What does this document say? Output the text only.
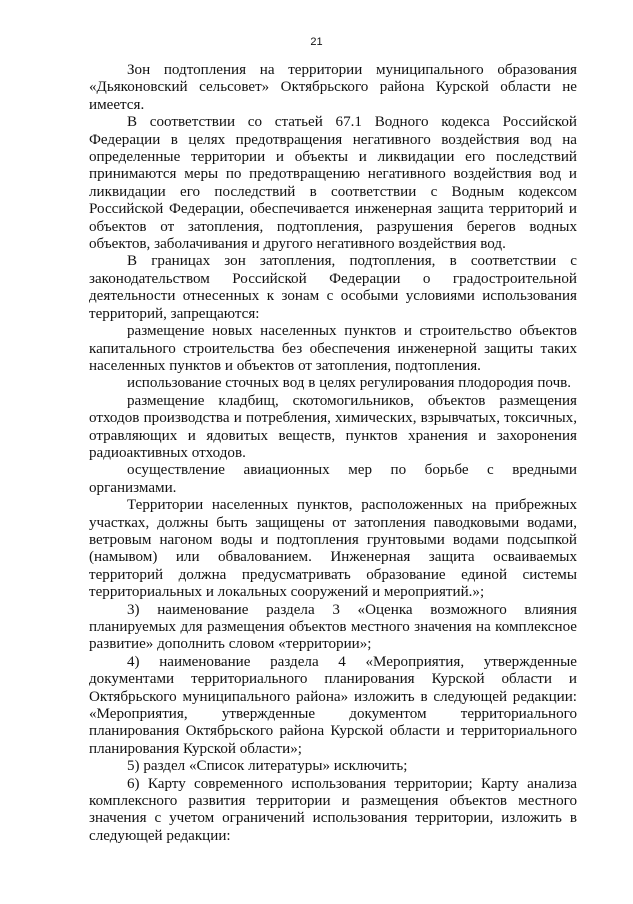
21

Зон подтопления на территории муниципального образования «Дьяконовский сельсовет» Октябрьского района Курской области не имеется.

В соответствии со статьей 67.1 Водного кодекса Российской Федерации в целях предотвращения негативного воздействия вод на определенные территории и объекты и ликвидации его последствий принимаются меры по предотвращению негативного воздействия вод и ликвидации его последствий в соответствии с Водным кодексом Российской Федерации, обеспечивается инженерная защита территорий и объектов от затопления, подтопления, разрушения берегов водных объектов, заболачивания и другого негативного воздействия вод.

В границах зон затопления, подтопления, в соответствии с законодательством Российской Федерации о градостроительной деятельности отнесенных к зонам с особыми условиями использования территорий, запрещаются:

размещение новых населенных пунктов и строительство объектов капитального строительства без обеспечения инженерной защиты таких населенных пунктов и объектов от затопления, подтопления.

использование сточных вод в целях регулирования плодородия почв.

размещение кладбищ, скотомогильников, объектов размещения отходов производства и потребления, химических, взрывчатых, токсичных, отравляющих и ядовитых веществ, пунктов хранения и захоронения радиоактивных отходов.

осуществление авиационных мер по борьбе с вредными организмами.

Территории населенных пунктов, расположенных на прибрежных участках, должны быть защищены от затопления паводковыми водами, ветровым нагоном воды и подтопления грунтовыми водами подсыпкой (намывом) или обвалованием. Инженерная защита осваиваемых территорий должна предусматривать образование единой системы территориальных и локальных сооружений и мероприятий.»;

3) наименование раздела 3 «Оценка возможного влияния планируемых для размещения объектов местного значения на комплексное развитие» дополнить словом «территории»;

4) наименование раздела 4 «Мероприятия, утвержденные документами территориального планирования Курской области и Октябрьского муниципального района» изложить в следующей редакции: «Мероприятия, утвержденные документом территориального планирования Октябрьского района Курской области и территориального планирования Курской области»;

5) раздел «Список литературы» исключить;

6) Карту современного использования территории; Карту анализа комплексного развития территории и размещения объектов местного значения с учетом ограничений использования территории, изложить в следующей редакции:
